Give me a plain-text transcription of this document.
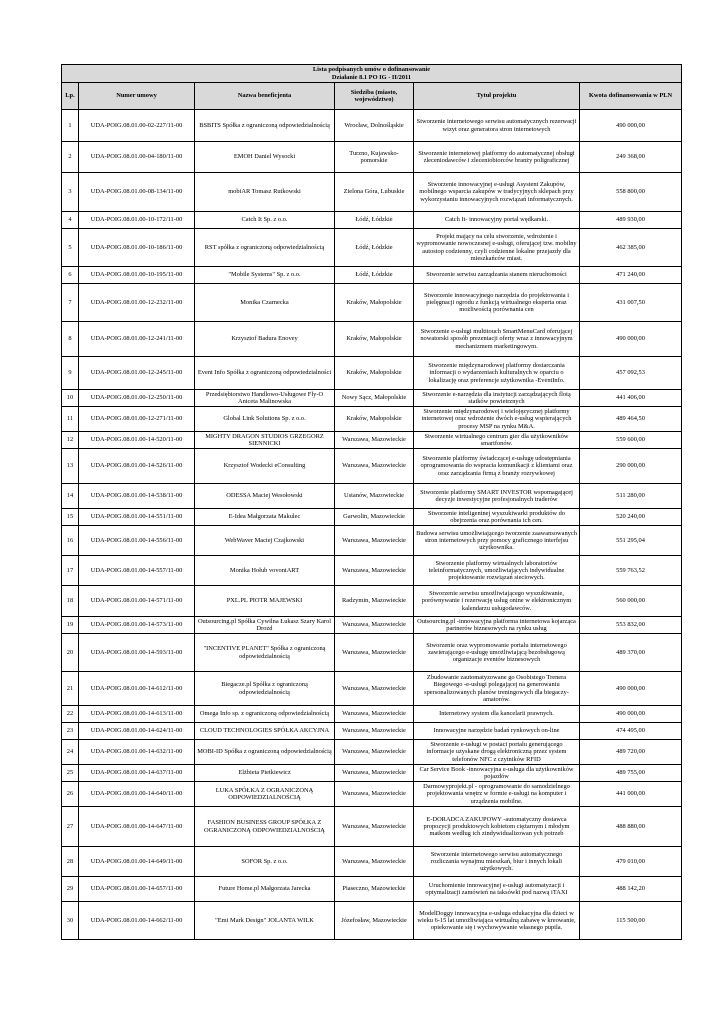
Lista podpisanych umów o dofinansowanie
Działanie 8.1 PO IG - II/2011					

Lp.	Numer umowy	Nazwa beneficjenta	Siedziba (miasto, województwo)	Tytuł projektu	Kwota dofinansowania w PLN
1	UDA-POIG.08.01.00-02-227/11-00	BSBITS Spółka z ograniczoną odpowiedzialnością	Wrocław, Dolnośląskie	Stworzenie internetowego serwisu automatycznych rezerwacji wizyt oraz generatora stron internetowych	490 000,00
2	UDA-POIG.08.01.00-04-180/11-00	EMOH Daniel Wysocki	Turzno, Kujawsko-pomorskie	Stworzenie internetowej platformy do automatycznej obsługi zleceniodawców i zleceniobiorców branży poligraficznej	249 368,00
3	UDA-POIG.08.01.00-08-134/11-00	mobiAR Tomasz Rutkowski	Zielona Góra, Lubuskie	Stworzenie innowacyjnej e-usługi Asystent Zakupów, mobilnego wsparcia zakupów w tradycyjnych sklepach przy wykorzystaniu innowacyjnych rozwiązań informatycznych.	558 800,00
4	UDA-POIG.08.01.00-10-172/11-00	Catch It Sp. z o.o.	Łódź, Łódzkie	Catch It- innowacyjny portal wędkarski.	489 930,00
5	UDA-POIG.08.01.00-10-186/11-00	RST spółka z ograniczoną odpowiedzialnością	Łódź, Łódzkie	Projekt mający na celu stworzenie, wdrożenie i wypromowanie nowoczesnej e-usługi, oferującej tzw. mobilny autostop codzienny, czyli codzienne lokalne przejazdy dla mieszkańców miast.	462 385,00
6	UDA-POIG.08.01.00-10-195/11-00	"Mobile Systems" Sp. z o.o.	Łódź, Łódzkie	Stworzenie serwisu zarządzania stanem nieruchomości	471 240,00
7	UDA-POIG.08.01.00-12-232/11-00	Monika Czarnecka	Kraków, Małopolskie	Stworzenie innowacyjnego narzędzia do projektowania i pielęgnacji ogrodu z funkcją wirtualnego eksperta oraz możliwością porównania cen	431 007,50
8	UDA-POIG.08.01.00-12-241/11-00	Krzysztof Badura Enovey	Kraków, Małopolskie	Stworzenie e-usługi multitouch SmartMenuCard oferującej nowatorski sposób prezentacji oferty wraz z innowacyjnym mechanizmem marketingowym.	490 000,00
9	UDA-POIG.08.01.00-12-245/11-00	Event Info Spółka z ograniczoną odpowiedzialności	Kraków, Małopolskie	Stworzenie międzynarodowej platformy dostarczania informacji o wydarzeniach kulturalnych w oparciu o lokalizację oraz preferencje użytkownika -EventInfo.	457 092,53
10	UDA-POIG.08.01.00-12-250/11-00	Przedsiębiorstwo Handlowo-Usługowe Fly-O Aniceta Malinowska	Nowy Sącz, Małopolskie	Stworzenie e-narzędzia dla instytucji zarządzających flotą statków powietrznych	441 406,00
11	UDA-POIG.08.01.00-12-271/11-00	Global Link Solutions Sp. z o.o.	Kraków, Małopolskie	Stworzenie międzynarodowej i wielojęzycznej platformy internetowej oraz wdrożenie dwóch e-usług wspierających procesy MSP na rynku M&A.	489 464,50
12	UDA-POIG.08.01.00-14-520/11-00	MIGHTY DRAGON STUDIOS GRZEGORZ SIENNICKI	Warszawa, Mazowieckie	Stworzenie wirtualnego centrum gier dla użytkowników smartfonów.	559 600,00
13	UDA-POIG.08.01.00-14-526/11-00	Krzysztof Wodecki eConsulting	Warszawa, Mazowieckie	Stworzenie platformy świadczącej e-usługę udostępniania oprogramowania do wspracia komunikacji z klientami oraz oraz zarządzania firmą z branży rozrywkowej	290 000,00
14	UDA-POIG.08.01.00-14-538/11-00	ODESSA Maciej Wesołowski	Ustanów, Mazowieckie	Stworzenie platformy SMART INVESTOR wspomagającej decyzje inwestycyjne profesjonalnych traderów	511 280,00
15	UDA-POIG.08.01.00-14-551/11-00	E-Idea Małgorzata Makulec	Garwolin, Mazowieckie	Stworzenie inteligentnej wyszukiwarki produktów do obejrzenia oraz porównania ich cen.	520 240,00
16	UDA-POIG.08.01.00-14-556/11-00	WebWaver Maciej Czajkowski	Warszawa, Mazowieckie	Budowa serwisu umożliwiającego tworzenie zaawansowanych stron internetowych przy pomocy graficznego interfejsu użytkownika.	551 295,04
17	UDA-POIG.08.01.00-14-557/11-00	Monika Hołub vovoniART	Warszawa, Mazowieckie	Stworzenie platformy wirtualnych laboratoriów teleinformatycznych, umożliwiających indywidualne projektowanie rozwiązań sieciowych.	559 763,52
18	UDA-POIG.08.01.00-14-571/11-00	PXL.PL PIOTR MAJEWSKI	Radzymin, Mazowieckie	Stworzenie serwisu umożliwiającego wyszukiwanie, porównywanie i rezerwację usług onine w elektronicznym kalendarzu usługodawców.	560 000,00
19	UDA-POIG.08.01.00-14-573/11-00	Outsourcing.pl Spółka Cywilna Łukasz Szary Karol Drozd	Warszawa, Mazowieckie	Outsourcing.pl -innowacyjna platforma internetowa kojarząca partnerów biznesowych na rynku usług	553 832,00
20	UDA-POIG.08.01.00-14-593/11-00	"INCENTIVE PLANET" Spółka z ograniczoną odpowiedzialnością	Warszawa, Mazowieckie	Stworzenie oraz wypromowanie portalu internetowego zawierającego e-usługę umożliwiającą bezobsługową organizacje eventów biznesowych	489 370,00
21	UDA-POIG.08.01.00-14-612/11-00	Biegacze.pl Spółka z ograniczoną odpowiedzialnością	Warszawa, Mazowieckie	Zbudowanie zautomatyzowane go Osobistego Trenera Biegowego -e-usługi polegającej na generowaniu spersonalizowanych planów treningowych dla biegaczy-amatorów.	490 000,00
22	UDA-POIG.08.01.00-14-613/11-00	Omega Info sp. z ograniczoną odpowiedzialnością	Warszawa, Mazowieckie	Internetowy system dla kancelarii prawnych.	490 000,00
23	UDA-POIG.08.01.00-14-624/11-00	CLOUD TECHNOLOGIES SPÓŁKA AKCYJNA	Warszawa, Mazowieckie	Innowacyjne narzędzie badań rynkowych on-line	474 495,00
24	UDA-POIG.08.01.00-14-632/11-00	MOBI-ID Spółka z ograniczoną odpowiedzialnością	Warszawa, Mazowieckie	Stworzenie e-usługi w postaci portalu generującego informacje uzyskane drogą elektroniczną przez system telefonów NFC z czytników RFID	489 720,00
25	UDA-POIG.08.01.00-14-637/11-00	Elżbieta Pietkiewicz	Warszawa, Mazowieckie	Car Service Book -innowacyjna e-usługa dla użytkowników pojazdów	489 755,00
26	UDA-POIG.08.01.00-14-640/11-00	LUKA SPÓŁKA Z OGRANICZONĄ ODPOWIEDZIALNOŚCIĄ	Warszawa, Mazowieckie	Darmowyprojekt.pl - oprogramowanie do samodzielnego projektowania wnętrz w formie e-usługi na komputer i urządzenia mobilne.	441 000,00
27	UDA-POIG.08.01.00-14-647/11-00	FASHION BUSINESS GROUP SPÓŁKA Z OGRANICZONĄ ODPOWIEDZIALNOŚCIĄ	Warszawa, Mazowieckie	E-DORADCA ZAKUPOWY -automatyczny dostawca propozycji produktowych kobietom ciężarnym i młodym matkom według ich zindywidualizowan ych potrzeb	488 880,00
28	UDA-POIG.08.01.00-14-649/11-00	SOFOR Sp. z o.o.	Warszawa, Mazowieckie	Stworzenie internetowego serwisu automatycznego rozliczania wynajmu mieszkań, biur i innych lokali użytkowych.	479 010,00
29	UDA-POIG.08.01.00-14-657/11-00	Future Home.pl Małgorzata Jarecka	Piaseczno, Mazowieckie	Uruchomienie innowacyjnej e-usługi automatyzacji i optymalizacji zamówień na taksówki pod nazwą iTAXI	488 142,20
30	UDA-POIG.08.01.00-14-662/11-00	"Emi Mark Design" JOLANTA WILK	Józefosław, Mazowieckie	ModelDoggy innowacyjna e-usługa edukacyjna dla dzieci w wieku 6-15 lat umożliwiająca wirtualną zabawę w kreowanie, opiekowanie się i wychowywanie własnego pupila.	115 500,00
